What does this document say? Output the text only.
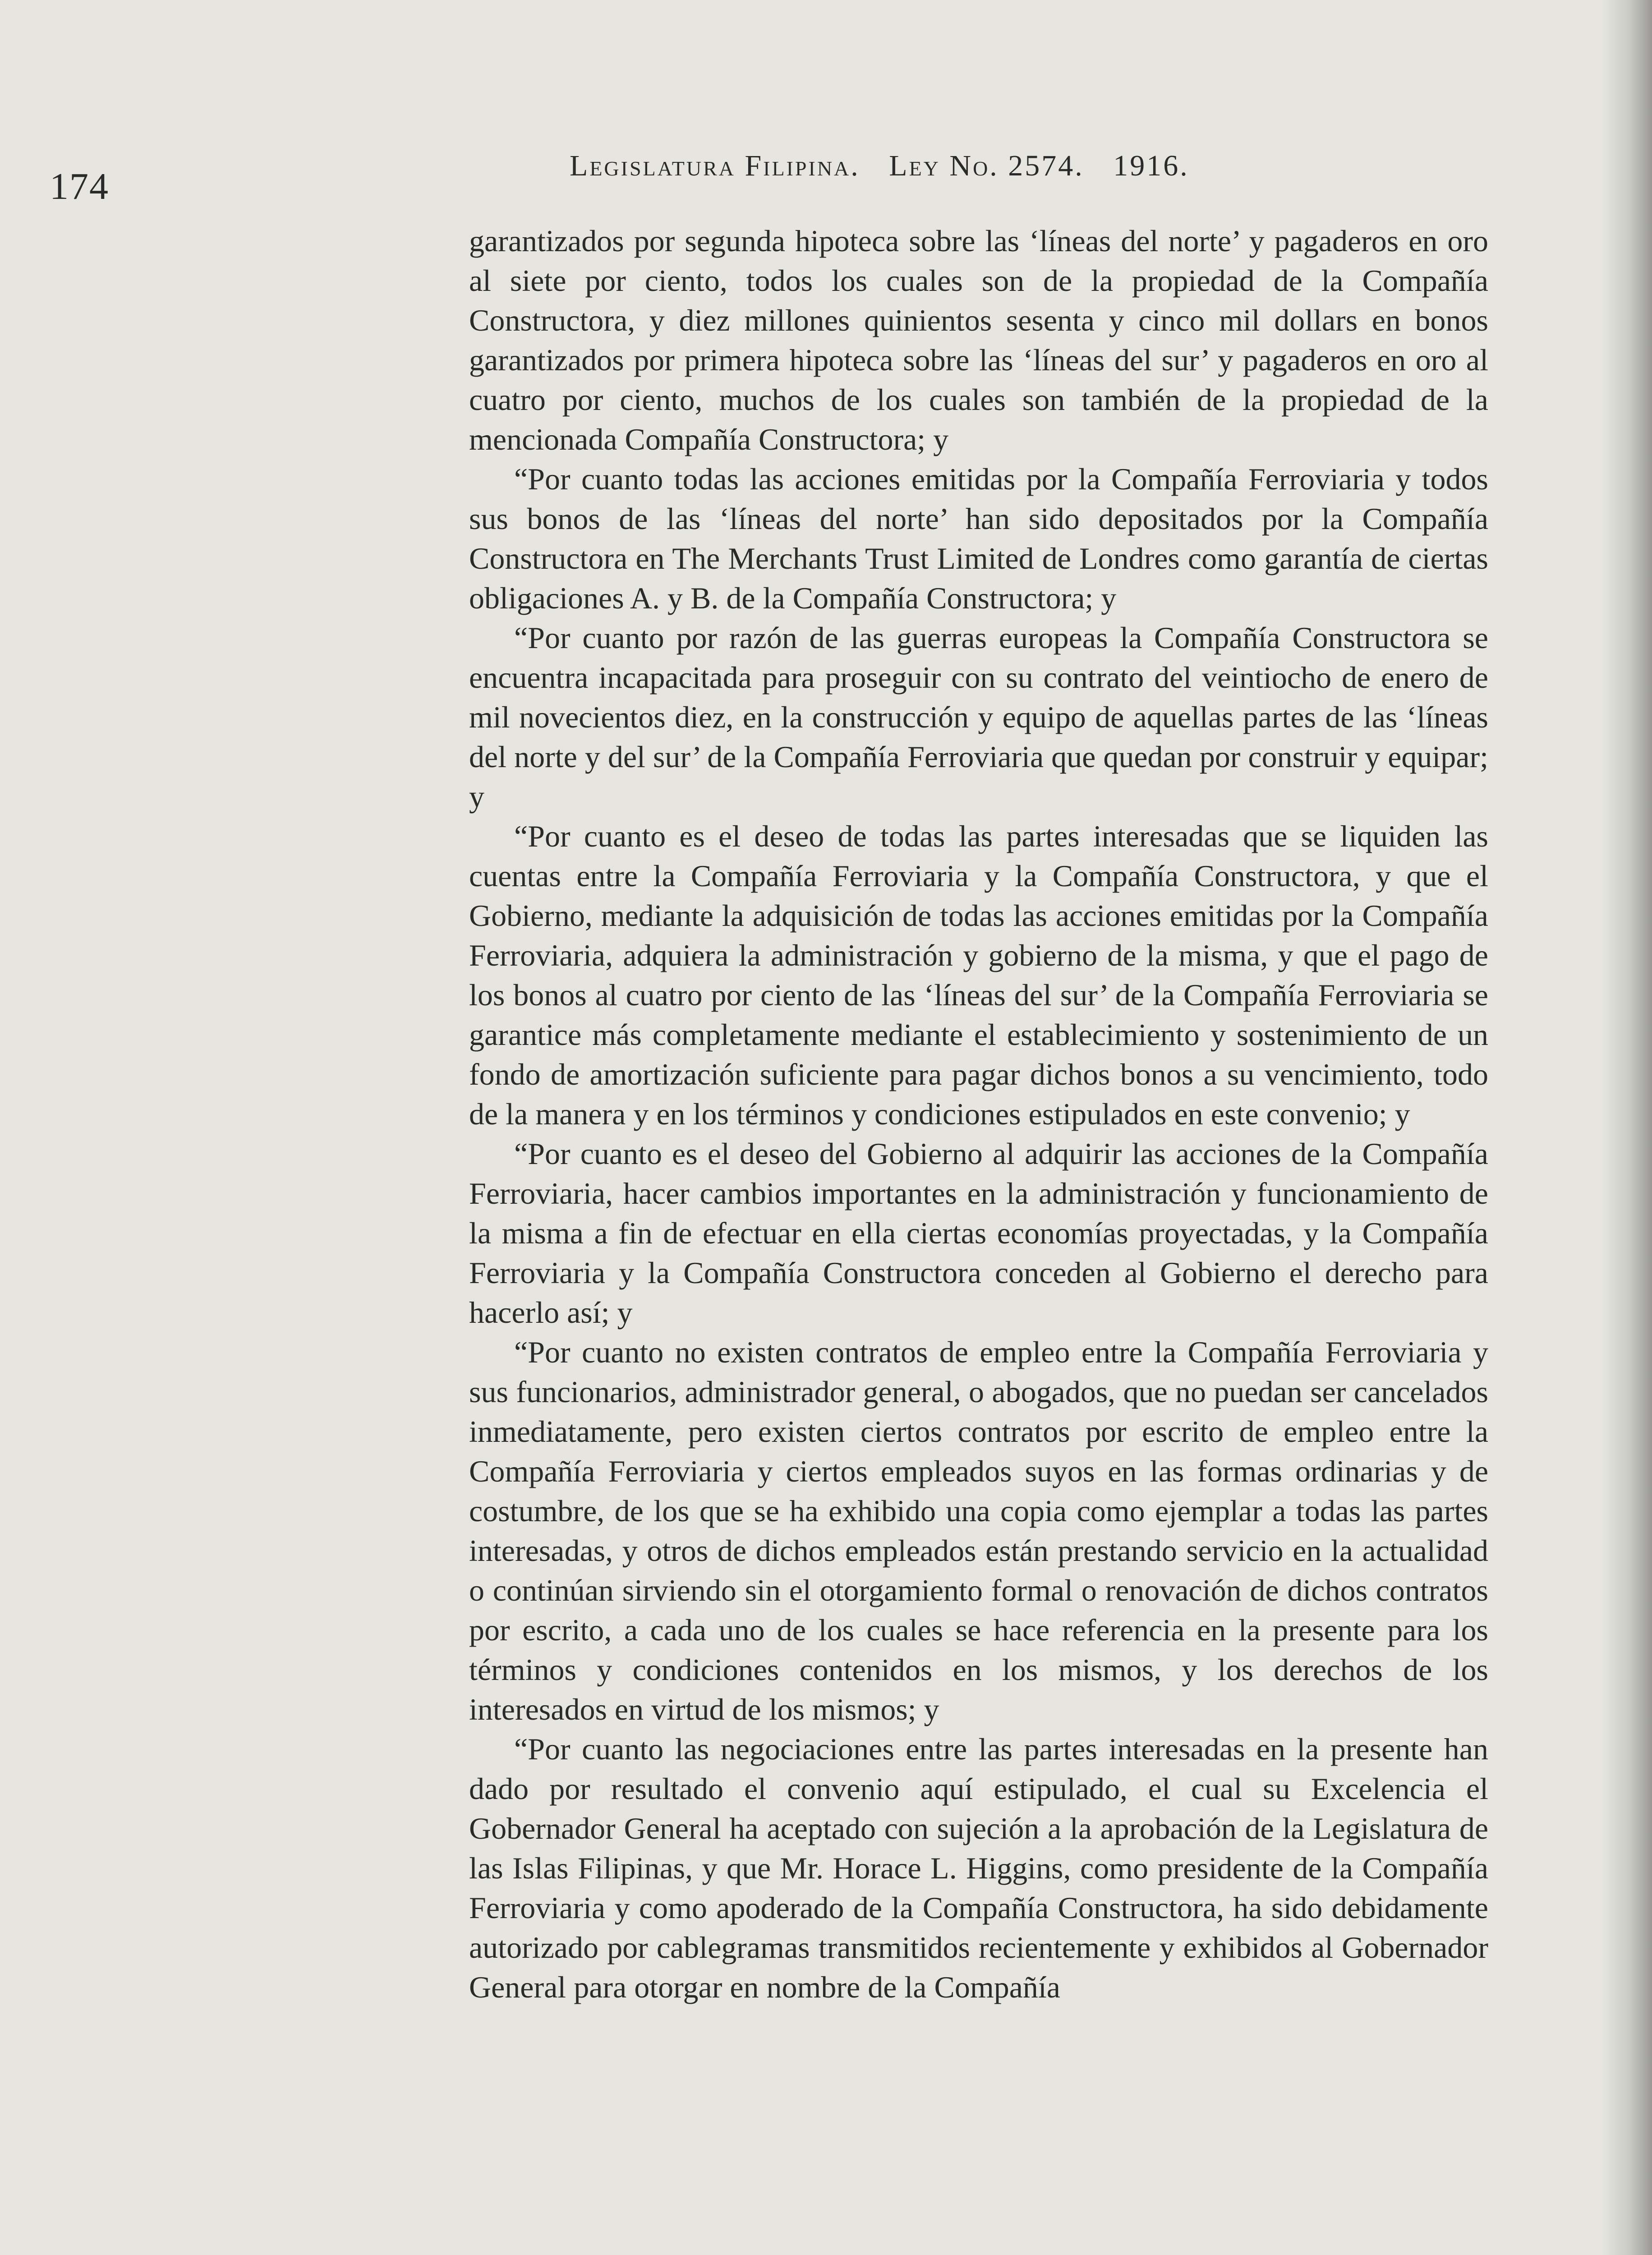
174	Legislatura Filipina. Ley No. 2574. 1916.

garantizados por segunda hipoteca sobre las ‘líneas del norte’ y pagaderos en oro al siete por ciento, todos los cuales son de la propiedad de la Compañía Constructora, y diez millones quinientos sesenta y cinco mil dollars en bonos garantizados por primera hipoteca sobre las ‘líneas del sur’ y pagaderos en oro al cuatro por ciento, muchos de los cuales son también de la propiedad de la mencionada Compañía Constructora; y

“Por cuanto todas las acciones emitidas por la Compañía Ferroviaria y todos sus bonos de las ‘líneas del norte’ han sido depositados por la Compañía Constructora en The Merchants Trust Limited de Londres como garantía de ciertas obligaciones A. y B. de la Compañía Constructora; y

“Por cuanto por razón de las guerras europeas la Compañía Constructora se encuentra incapacitada para proseguir con su contrato del veintiocho de enero de mil novecientos diez, en la construcción y equipo de aquellas partes de las ‘líneas del norte y del sur’ de la Compañía Ferroviaria que quedan por construir y equipar; y

“Por cuanto es el deseo de todas las partes interesadas que se liquiden las cuentas entre la Compañía Ferroviaria y la Compañía Constructora, y que el Gobierno, mediante la adquisición de todas las acciones emitidas por la Compañía Ferroviaria, adquiera la administración y gobierno de la misma, y que el pago de los bonos al cuatro por ciento de las ‘líneas del sur’ de la Compañía Ferroviaria se garantice más completamente mediante el establecimiento y sostenimiento de un fondo de amortización suficiente para pagar dichos bonos a su vencimiento, todo de la manera y en los términos y condiciones estipulados en este convenio; y

“Por cuanto es el deseo del Gobierno al adquirir las acciones de la Compañía Ferroviaria, hacer cambios importantes en la administración y funcionamiento de la misma a fin de efectuar en ella ciertas economías proyectadas, y la Compañía Ferroviaria y la Compañía Constructora conceden al Gobierno el derecho para hacerlo así; y

“Por cuanto no existen contratos de empleo entre la Compañía Ferroviaria y sus funcionarios, administrador general, o abogados, que no puedan ser cancelados inmediatamente, pero existen ciertos contratos por escrito de empleo entre la Compañía Ferroviaria y ciertos empleados suyos en las formas ordinarias y de costumbre, de los que se ha exhibido una copia como ejemplar a todas las partes interesadas, y otros de dichos empleados están prestando servicio en la actualidad o continúan sirviendo sin el otorgamiento formal o renovación de dichos contratos por escrito, a cada uno de los cuales se hace referencia en la presente para los términos y condiciones contenidos en los mismos, y los derechos de los interesados en virtud de los mismos; y

“Por cuanto las negociaciones entre las partes interesadas en la presente han dado por resultado el convenio aquí estipulado, el cual su Excelencia el Gobernador General ha aceptado con sujeción a la aprobación de la Legislatura de las Islas Filipinas, y que Mr. Horace L. Higgins, como presidente de la Compañía Ferroviaria y como apoderado de la Compañía Constructora, ha sido debidamente autorizado por cablegramas transmitidos recientemente y exhibidos al Gobernador General para otorgar en nombre de la Compañía
